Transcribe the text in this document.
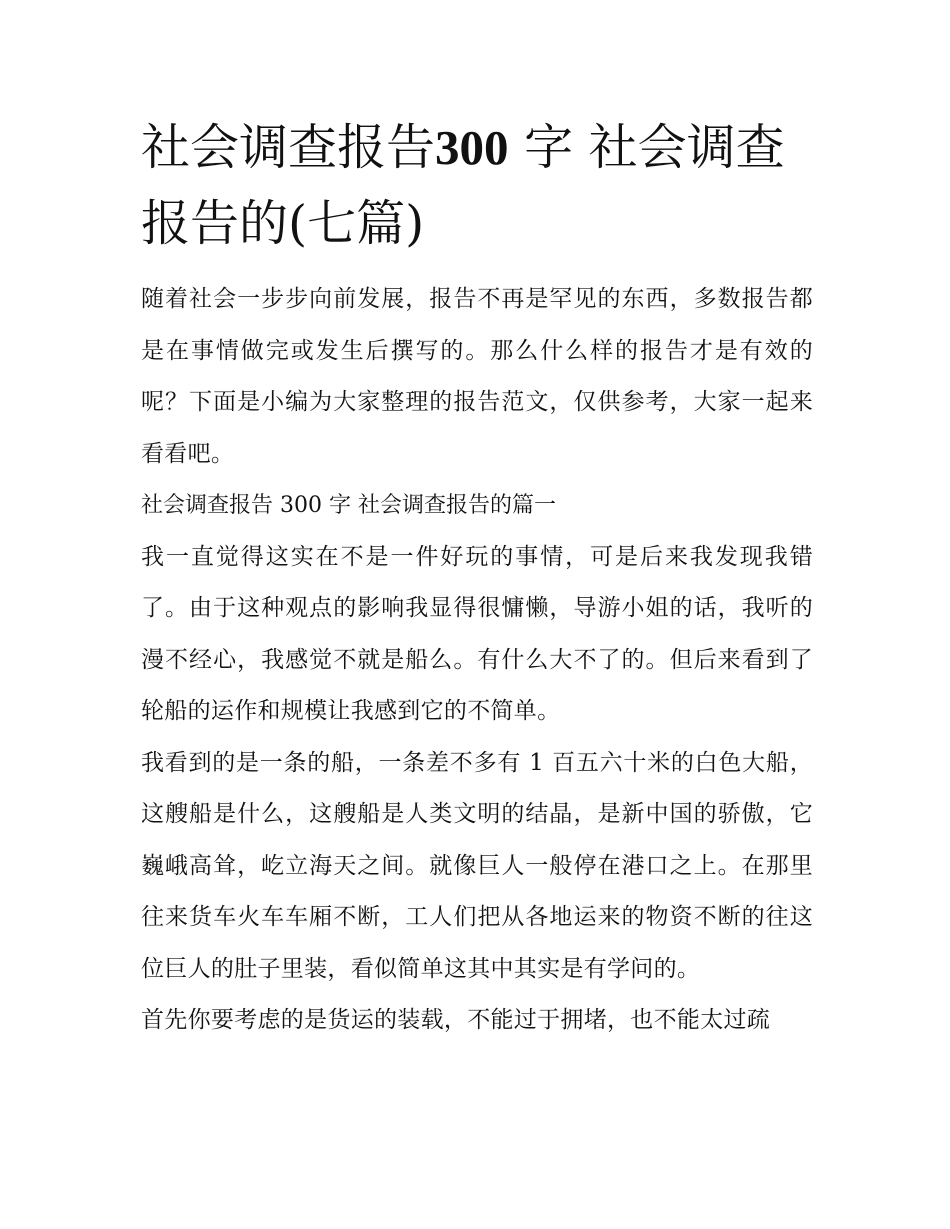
社会调查报告300 字 社会调查报告的(七篇)

随着社会一步步向前发展，报告不再是罕见的东西，多数报告都是在事情做完或发生后撰写的。那么什么样的报告才是有效的呢？下面是小编为大家整理的报告范文，仅供参考，大家一起来看看吧。

社会调查报告 300 字 社会调查报告的篇一

我一直觉得这实在不是一件好玩的事情，可是后来我发现我错了。由于这种观点的影响我显得很慵懒，导游小姐的话，我听的漫不经心，我感觉不就是船么。有什么大不了的。但后来看到了轮船的运作和规模让我感到它的不简单。

我看到的是一条的船，一条差不多有 1 百五六十米的白色大船，这艘船是什么，这艘船是人类文明的结晶，是新中国的骄傲，它巍峨高耸，屹立海天之间。就像巨人一般停在港口之上。在那里往来货车火车车厢不断，工人们把从各地运来的物资不断的往这位巨人的肚子里装，看似简单这其中其实是有学问的。

首先你要考虑的是货运的装载，不能过于拥堵，也不能太过疏
